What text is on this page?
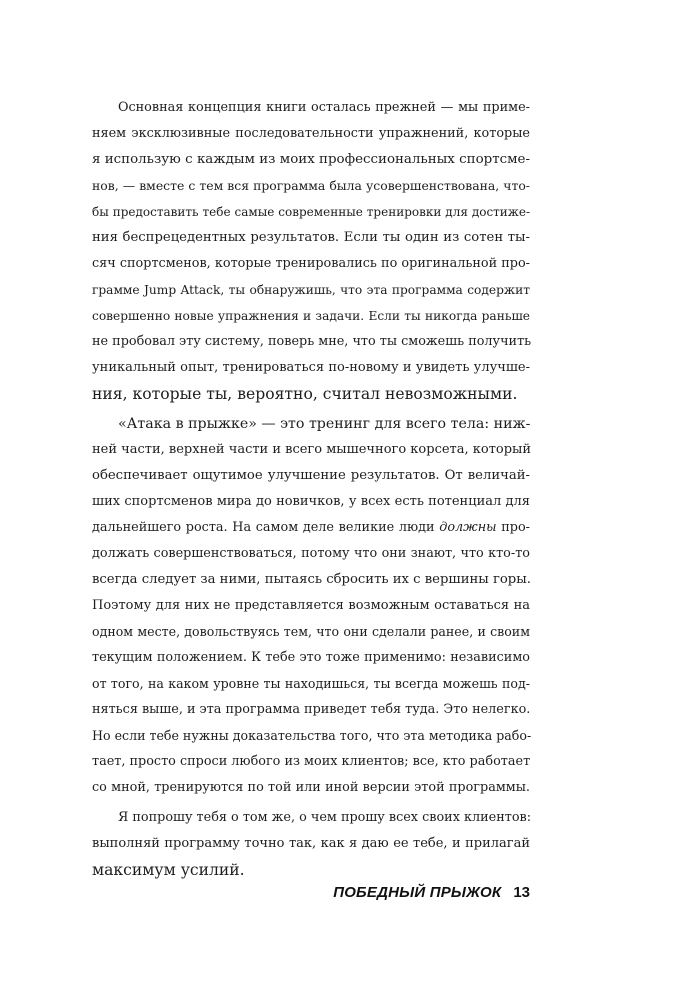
Основная концепция книги осталась прежней — мы приме-
няем эксклюзивные последовательности упражнений, которые
я использую с каждым из моих профессиональных спортсме-
нов, — вместе с тем вся программа была усовершенствована, что-
бы предоставить тебе самые современные тренировки для достиже-
ния беспрецедентных результатов. Если ты один из сотен ты-
сяч спортсменов, которые тренировались по оригинальной про-
грамме Jump Attack, ты обнаружишь, что эта программа содержит
совершенно новые упражнения и задачи. Если ты никогда раньше
не пробовал эту систему, поверь мне, что ты сможешь получить
уникальный опыт, тренироваться по-новому и увидеть улучше-
ния, которые ты, вероятно, считал невозможными.
«Атака в прыжке» — это тренинг для всего тела: ниж-
ней части, верхней части и всего мышечного корсета, который
обеспечивает ощутимое улучшение результатов. От величай-
ших спортсменов мира до новичков, у всех есть потенциал для
дальнейшего роста. На самом деле великие люди должны про-
должать совершенствоваться, потому что они знают, что кто-то
всегда следует за ними, пытаясь сбросить их с вершины горы.
Поэтому для них не представляется возможным оставаться на
одном месте, довольствуясь тем, что они сделали ранее, и своим
текущим положением. К тебе это тоже применимо: независимо
от того, на каком уровне ты находишься, ты всегда можешь под-
няться выше, и эта программа приведет тебя туда. Это нелегко.
Но если тебе нужны доказательства того, что эта методика рабо-
тает, просто спроси любого из моих клиентов; все, кто работает
со мной, тренируются по той или иной версии этой программы.
Я попрошу тебя о том же, о чем прошу всех своих клиентов:
выполняй программу точно так, как я даю ее тебе, и прилагай
максимум усилий.
ПОБЕДНЫЙ ПРЫЖОК 13
